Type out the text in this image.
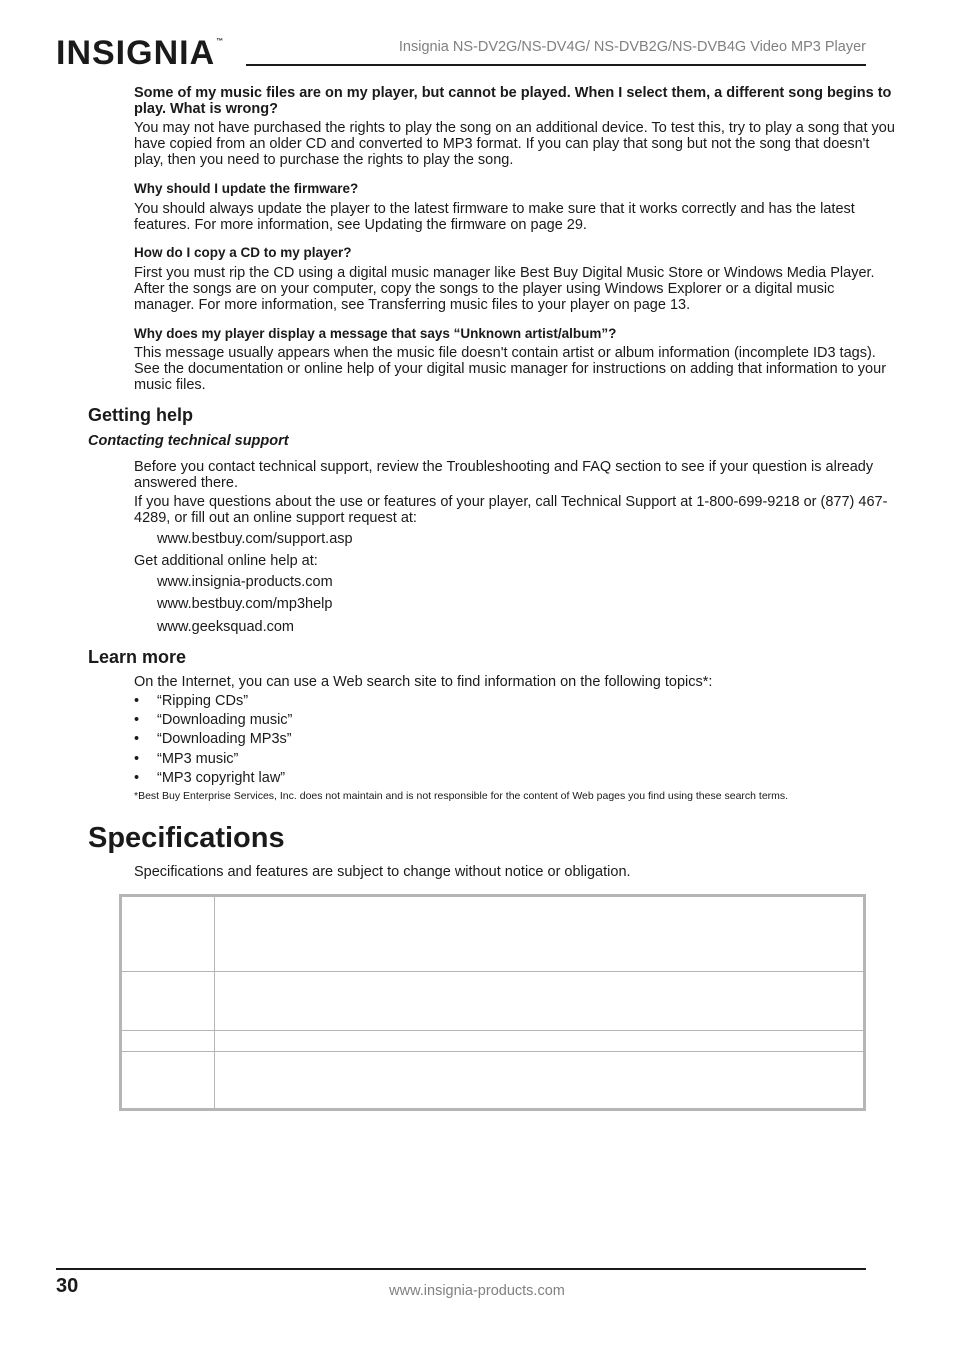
INSIGNIA™	Insignia NS-DV2G/NS-DV4G/ NS-DVB2G/NS-DVB4G Video MP3 Player
Some of my music files are on my player, but cannot be played. When I select them, a different song begins to play. What is wrong?
You may not have purchased the rights to play the song on an additional device. To test this, try to play a song that you have copied from an older CD and converted to MP3 format. If you can play that song but not the song that doesn't play, then you need to purchase the rights to play the song.
Why should I update the firmware?
You should always update the player to the latest firmware to make sure that it works correctly and has the latest features. For more information, see Updating the firmware on page 29.
How do I copy a CD to my player?
First you must rip the CD using a digital music manager like Best Buy Digital Music Store or Windows Media Player. After the songs are on your computer, copy the songs to the player using Windows Explorer or a digital music manager. For more information, see Transferring music files to your player on page 13.
Why does my player display a message that says “Unknown artist/album”?
This message usually appears when the music file doesn't contain artist or album information (incomplete ID3 tags). See the documentation or online help of your digital music manager for instructions on adding that information to your music files.
Getting help
Contacting technical support
Before you contact technical support, review the Troubleshooting and FAQ section to see if your question is already answered there.
If you have questions about the use or features of your player, call Technical Support at 1-800-699-9218 or (877) 467-4289, or fill out an online support request at:
www.bestbuy.com/support.asp
Get additional online help at:
www.insignia-products.com
www.bestbuy.com/mp3help
www.geeksquad.com
Learn more
On the Internet, you can use a Web search site to find information on the following topics*:
• “Ripping CDs”
• “Downloading music”
• “Downloading MP3s”
• “MP3 music”
• “MP3 copyright law”
*Best Buy Enterprise Services, Inc. does not maintain and is not responsible for the content of Web pages you find using these search terms.
Specifications
Specifications and features are subject to change without notice or obligation.
30	www.insignia-products.com
